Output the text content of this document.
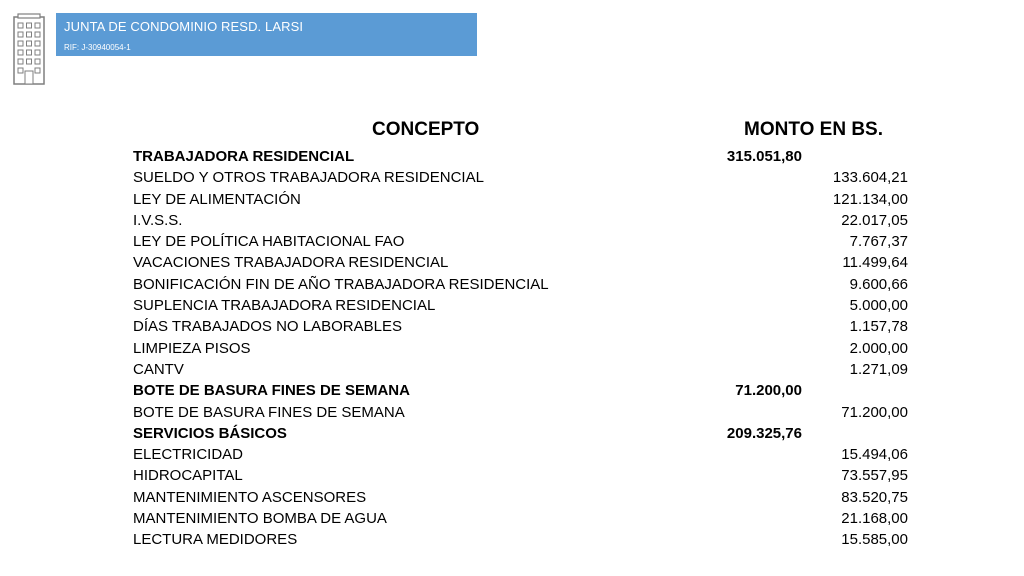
JUNTA DE CONDOMINIO RESD. LARSI
RIF: J-30940054-1
CONCEPTO	MONTO EN BS.
TRABAJADORA RESIDENCIAL	315.051,80
SUELDO Y OTROS TRABAJADORA RESIDENCIAL	133.604,21
LEY DE ALIMENTACIÓN	121.134,00
I.V.S.S.	22.017,05
LEY DE POLÍTICA HABITACIONAL FAO	7.767,37
VACACIONES TRABAJADORA RESIDENCIAL	11.499,64
BONIFICACIÓN FIN DE AÑO TRABAJADORA RESIDENCIAL	9.600,66
SUPLENCIA TRABAJADORA RESIDENCIAL	5.000,00
DÍAS TRABAJADOS NO LABORABLES	1.157,78
LIMPIEZA PISOS	2.000,00
CANTV	1.271,09
BOTE DE BASURA FINES DE SEMANA	71.200,00
BOTE DE BASURA FINES DE SEMANA	71.200,00
SERVICIOS BÁSICOS	209.325,76
ELECTRICIDAD	15.494,06
HIDROCAPITAL	73.557,95
MANTENIMIENTO ASCENSORES	83.520,75
MANTENIMIENTO BOMBA DE AGUA	21.168,00
LECTURA MEDIDORES	15.585,00
